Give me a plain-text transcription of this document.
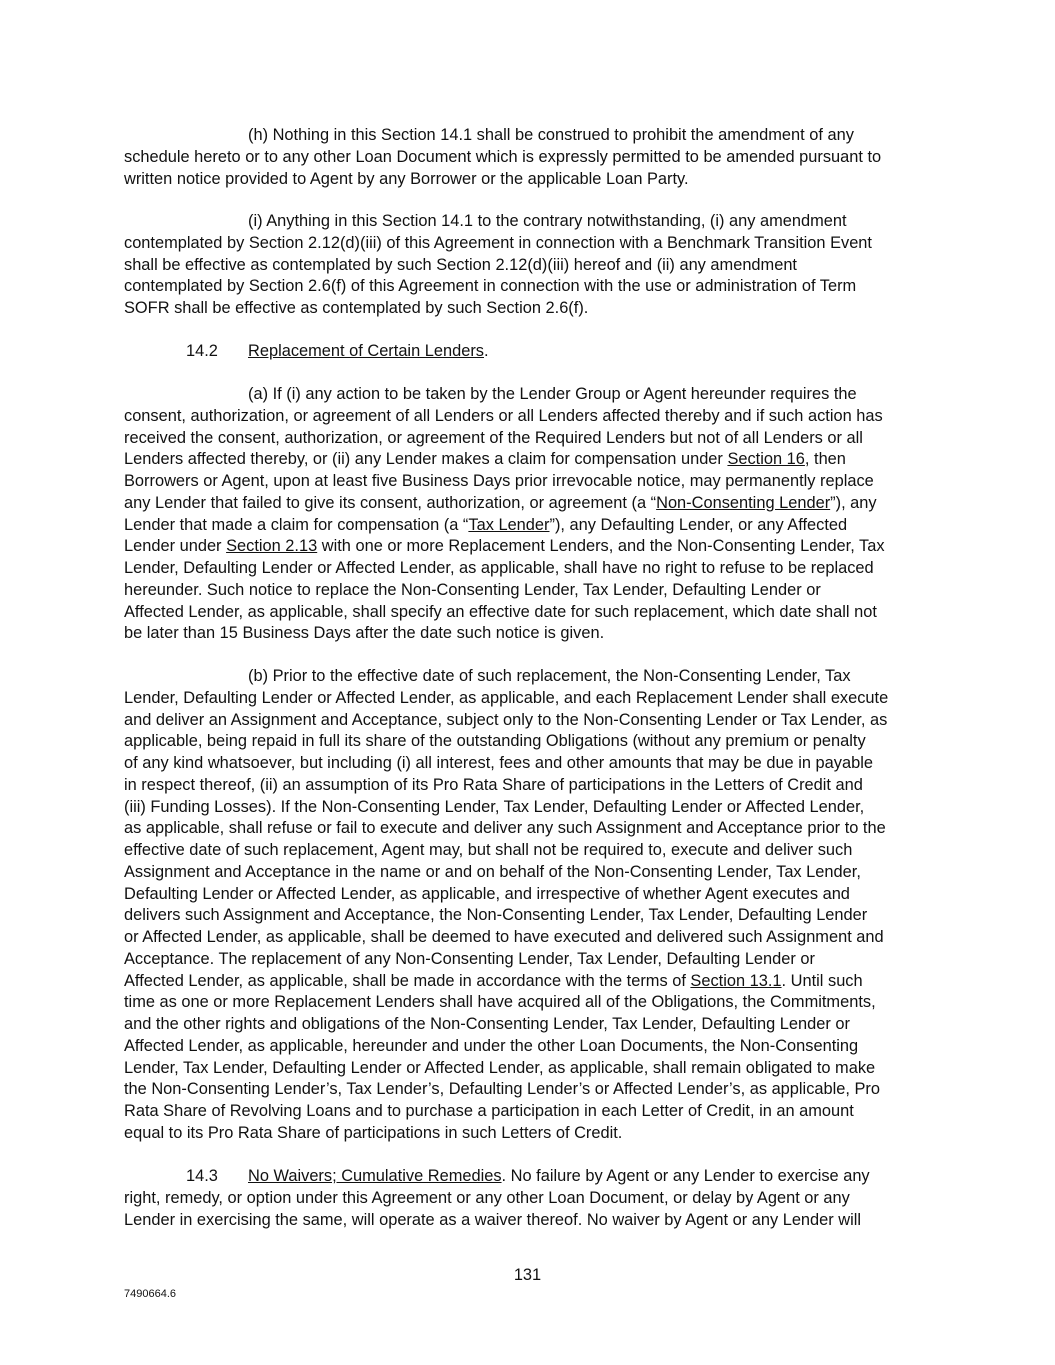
(h) Nothing in this Section 14.1 shall be construed to prohibit the amendment of any
schedule hereto or to any other Loan Document which is expressly permitted to be amended pursuant to
written notice provided to Agent by any Borrower or the applicable Loan Party.
(i) Anything in this Section 14.1 to the contrary notwithstanding, (i) any amendment
contemplated by Section 2.12(d)(iii) of this Agreement in connection with a Benchmark Transition Event
shall be effective as contemplated by such Section 2.12(d)(iii) hereof and (ii) any amendment
contemplated by Section 2.6(f) of this Agreement in connection with the use or administration of Term
SOFR shall be effective as contemplated by such Section 2.6(f).
14.2 Replacement of Certain Lenders.
(a) If (i) any action to be taken by the Lender Group or Agent hereunder requires the
consent, authorization, or agreement of all Lenders or all Lenders affected thereby and if such action has
received the consent, authorization, or agreement of the Required Lenders but not of all Lenders or all
Lenders affected thereby, or (ii) any Lender makes a claim for compensation under Section 16, then
Borrowers or Agent, upon at least five Business Days prior irrevocable notice, may permanently replace
any Lender that failed to give its consent, authorization, or agreement (a “Non-Consenting Lender”), any
Lender that made a claim for compensation (a “Tax Lender”), any Defaulting Lender, or any Affected
Lender under Section 2.13 with one or more Replacement Lenders, and the Non-Consenting Lender, Tax
Lender, Defaulting Lender or Affected Lender, as applicable, shall have no right to refuse to be replaced
hereunder. Such notice to replace the Non-Consenting Lender, Tax Lender, Defaulting Lender or
Affected Lender, as applicable, shall specify an effective date for such replacement, which date shall not
be later than 15 Business Days after the date such notice is given.
(b) Prior to the effective date of such replacement, the Non-Consenting Lender, Tax
Lender, Defaulting Lender or Affected Lender, as applicable, and each Replacement Lender shall execute
and deliver an Assignment and Acceptance, subject only to the Non-Consenting Lender or Tax Lender, as
applicable, being repaid in full its share of the outstanding Obligations (without any premium or penalty
of any kind whatsoever, but including (i) all interest, fees and other amounts that may be due in payable
in respect thereof, (ii) an assumption of its Pro Rata Share of participations in the Letters of Credit and
(iii) Funding Losses). If the Non-Consenting Lender, Tax Lender, Defaulting Lender or Affected Lender,
as applicable, shall refuse or fail to execute and deliver any such Assignment and Acceptance prior to the
effective date of such replacement, Agent may, but shall not be required to, execute and deliver such
Assignment and Acceptance in the name or and on behalf of the Non-Consenting Lender, Tax Lender,
Defaulting Lender or Affected Lender, as applicable, and irrespective of whether Agent executes and
delivers such Assignment and Acceptance, the Non-Consenting Lender, Tax Lender, Defaulting Lender
or Affected Lender, as applicable, shall be deemed to have executed and delivered such Assignment and
Acceptance. The replacement of any Non-Consenting Lender, Tax Lender, Defaulting Lender or
Affected Lender, as applicable, shall be made in accordance with the terms of Section 13.1. Until such
time as one or more Replacement Lenders shall have acquired all of the Obligations, the Commitments,
and the other rights and obligations of the Non-Consenting Lender, Tax Lender, Defaulting Lender or
Affected Lender, as applicable, hereunder and under the other Loan Documents, the Non-Consenting
Lender, Tax Lender, Defaulting Lender or Affected Lender, as applicable, shall remain obligated to make
the Non-Consenting Lender’s, Tax Lender’s, Defaulting Lender’s or Affected Lender’s, as applicable, Pro
Rata Share of Revolving Loans and to purchase a participation in each Letter of Credit, in an amount
equal to its Pro Rata Share of participations in such Letters of Credit.
14.3 No Waivers; Cumulative Remedies. No failure by Agent or any Lender to exercise any
right, remedy, or option under this Agreement or any other Loan Document, or delay by Agent or any
Lender in exercising the same, will operate as a waiver thereof. No waiver by Agent or any Lender will
131
7490664.6
